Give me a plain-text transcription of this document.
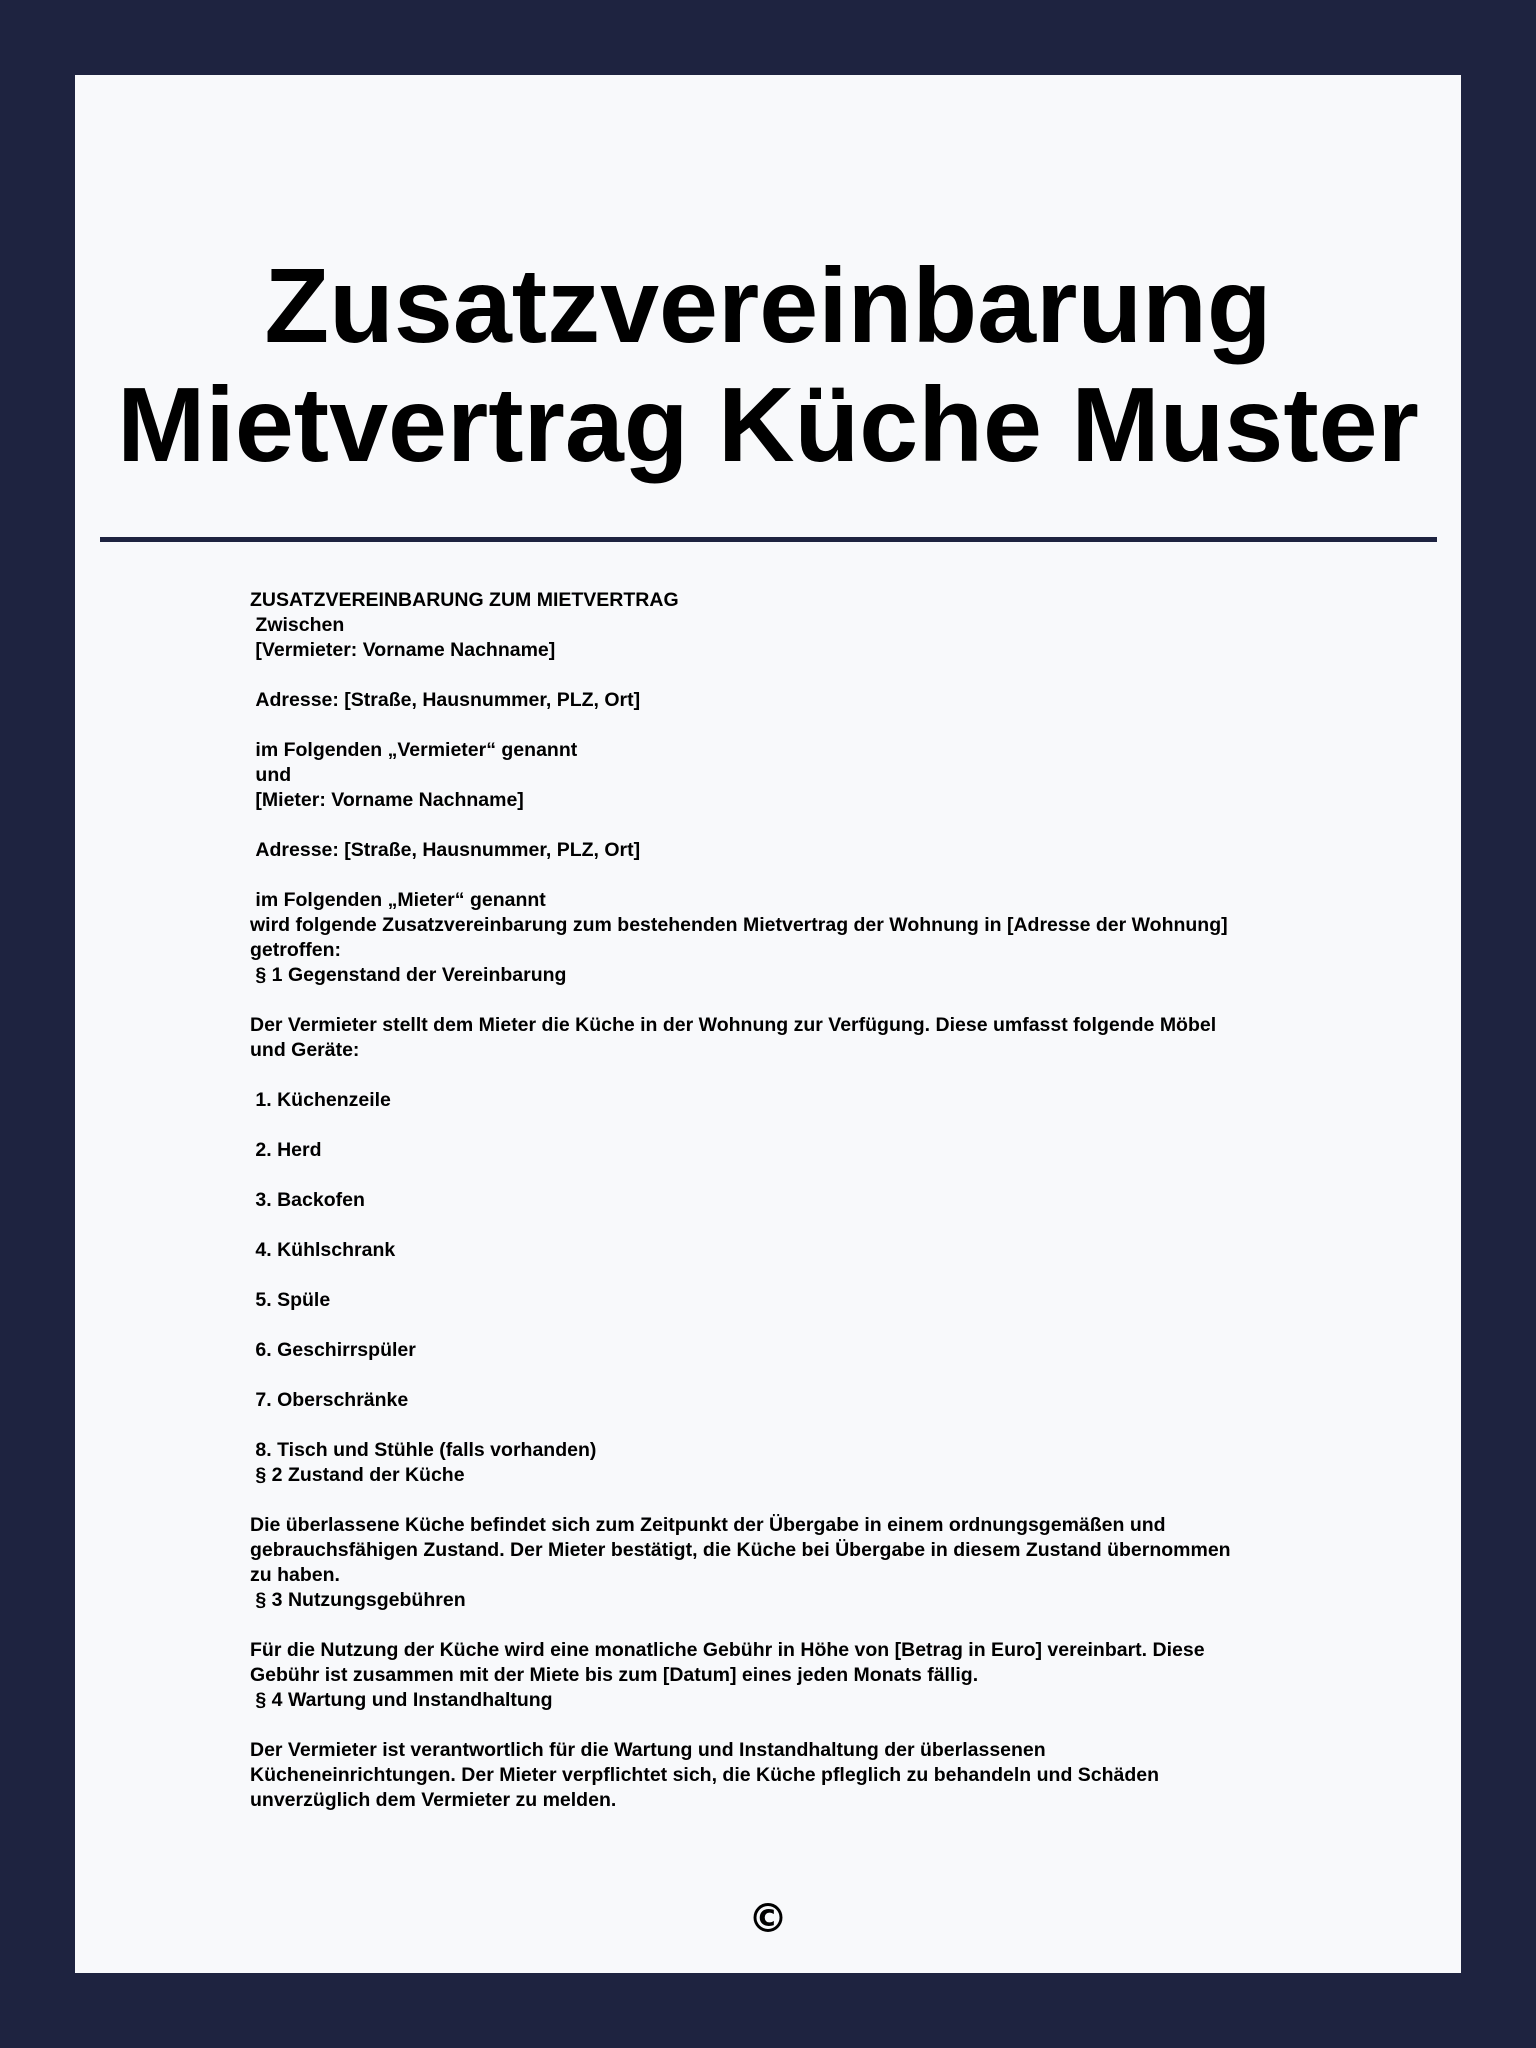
Zusatzvereinbarung
Mietvertrag Küche Muster
ZUSATZVEREINBARUNG ZUM MIETVERTRAG
Zwischen
[Vermieter: Vorname Nachname]
Adresse: [Straße, Hausnummer, PLZ, Ort]
im Folgenden „Vermieter“ genannt
und
[Mieter: Vorname Nachname]
Adresse: [Straße, Hausnummer, PLZ, Ort]
im Folgenden „Mieter“ genannt
wird folgende Zusatzvereinbarung zum bestehenden Mietvertrag der Wohnung in [Adresse der Wohnung]
getroffen:
§ 1 Gegenstand der Vereinbarung
Der Vermieter stellt dem Mieter die Küche in der Wohnung zur Verfügung. Diese umfasst folgende Möbel
und Geräte:
1. Küchenzeile
2. Herd
3. Backofen
4. Kühlschrank
5. Spüle
6. Geschirrspüler
7. Oberschränke
8. Tisch und Stühle (falls vorhanden)
§ 2 Zustand der Küche
Die überlassene Küche befindet sich zum Zeitpunkt der Übergabe in einem ordnungsgemäßen und
gebrauchsfähigen Zustand. Der Mieter bestätigt, die Küche bei Übergabe in diesem Zustand übernommen
zu haben.
§ 3 Nutzungsgebühren
Für die Nutzung der Küche wird eine monatliche Gebühr in Höhe von [Betrag in Euro] vereinbart. Diese
Gebühr ist zusammen mit der Miete bis zum [Datum] eines jeden Monats fällig.
§ 4 Wartung und Instandhaltung
Der Vermieter ist verantwortlich für die Wartung und Instandhaltung der überlassenen
Kücheneinrichtungen. Der Mieter verpflichtet sich, die Küche pfleglich zu behandeln und Schäden
unverzüglich dem Vermieter zu melden.
©
